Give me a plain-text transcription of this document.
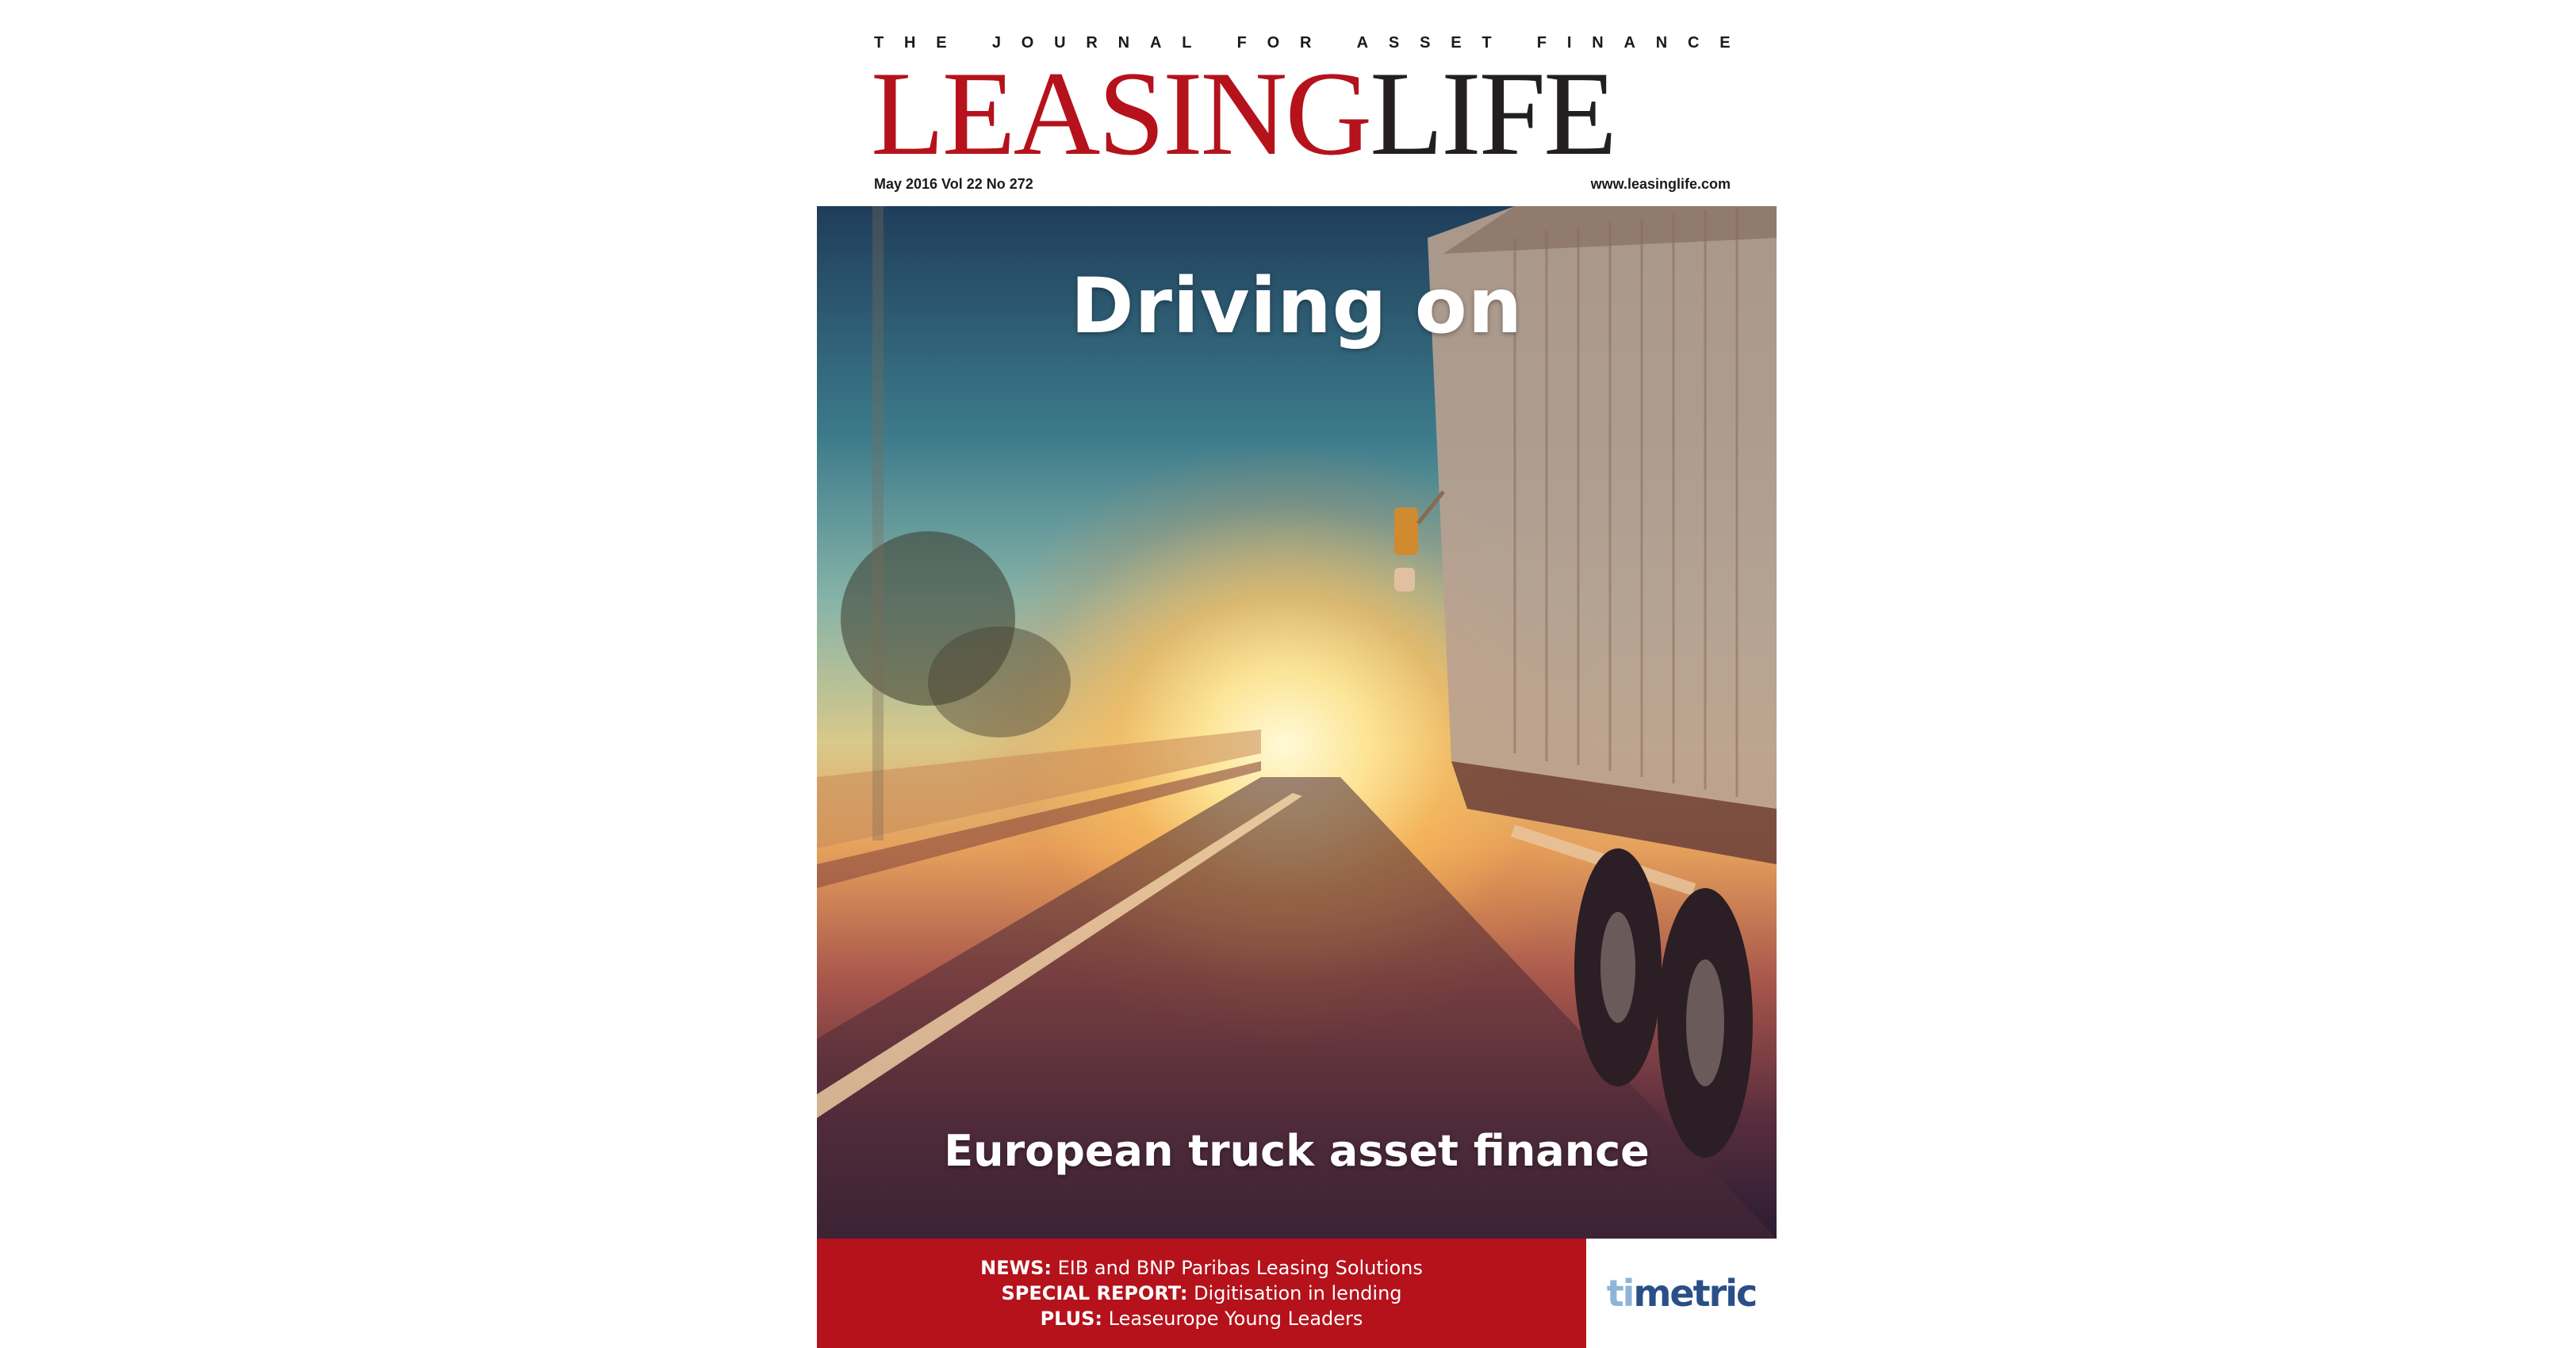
T H E
	J O U R N A L
	F O R
	A S S E T
	F I N A N C E
LEASINGLIFE
May 2016 Vol 22 No 272	www.leasinglife.com
Driving on
European truck asset finance
NEWS: EIB and BNP Paribas Leasing Solutions
SPECIAL REPORT: Digitisation in lending
PLUS: Leaseurope Young Leaders
timetric
